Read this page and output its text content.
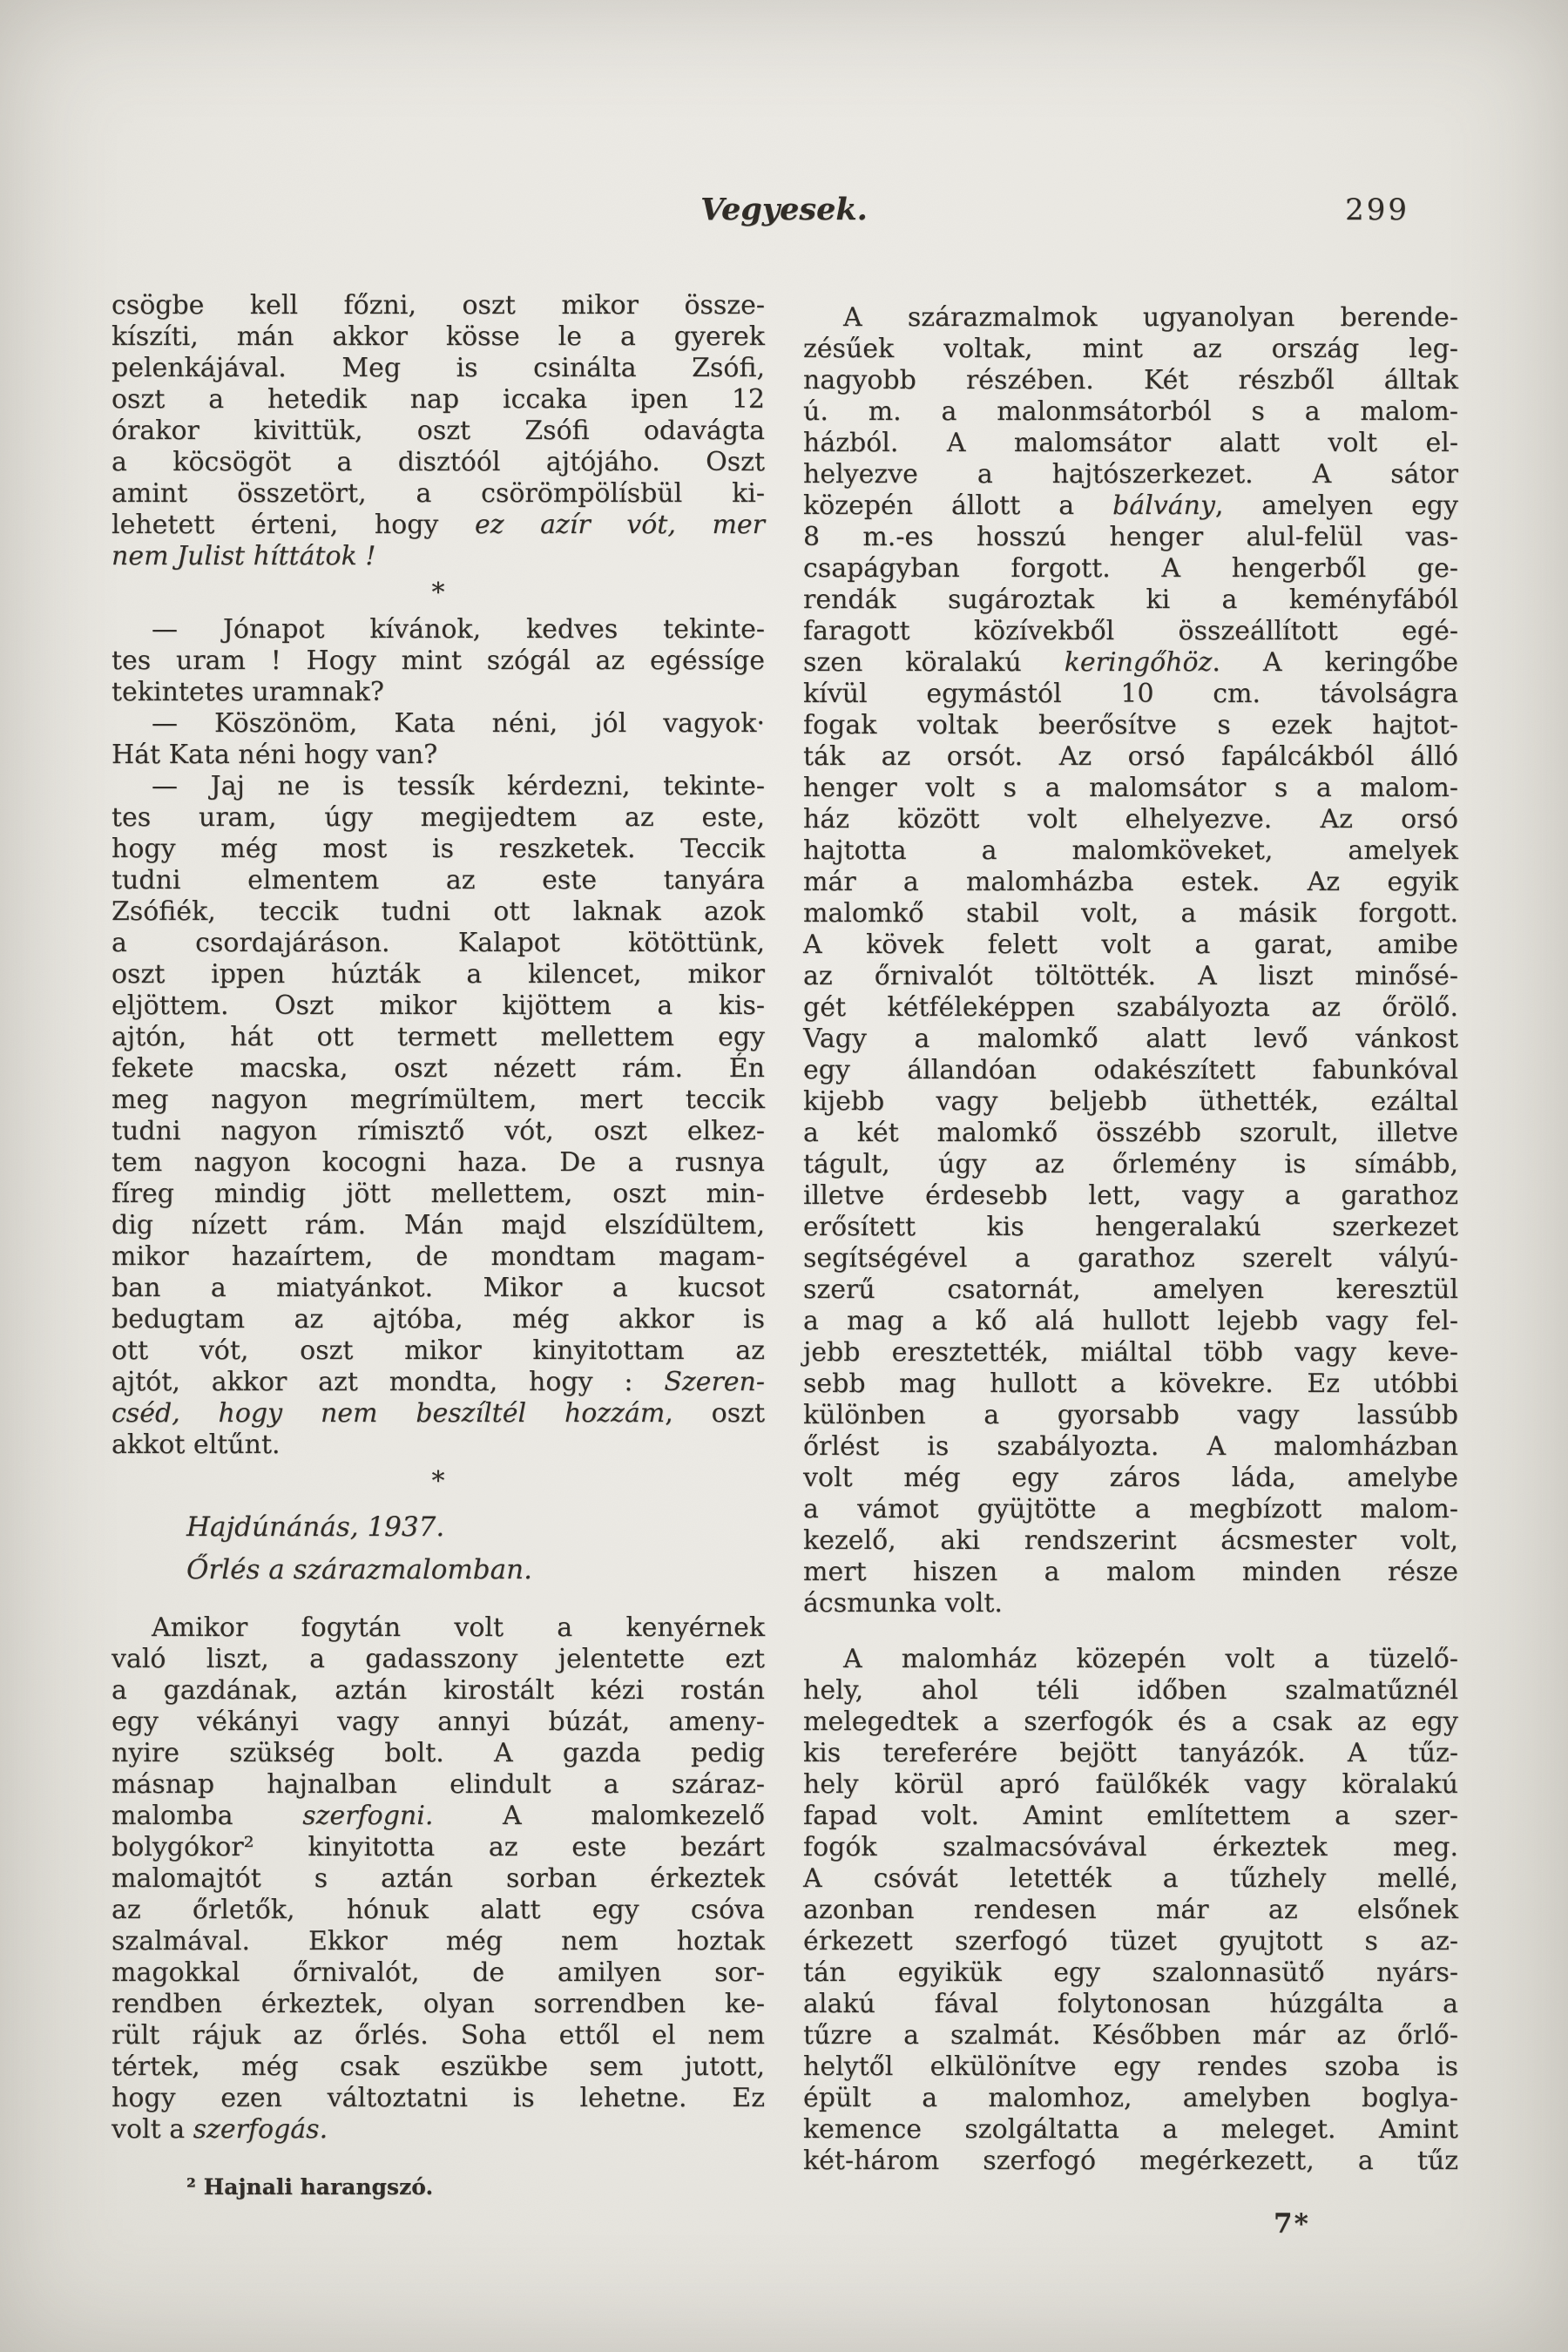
Vegyesek.	299
csögbe kell főzni, oszt mikor össze-
kíszíti, mán akkor kösse le a gyerek
pelenkájával. Meg is csinálta Zsófi,
oszt a hetedik nap iccaka ipen 12
órakor kivittük, oszt Zsófi odavágta
a köcsögöt a disztóól ajtójáho. Oszt
amint összetört, a csörömpölísbül ki-
lehetett érteni, hogy ez azír vót, mer
nem Julist híttátok !
*
— Jónapot kívánok, kedves tekinte-
tes uram ! Hogy mint szógál az egéssíge
tekintetes uramnak?
— Köszönöm, Kata néni, jól vagyok·
Hát Kata néni hogy van?
— Jaj ne is tessík kérdezni, tekinte-
tes uram, úgy megijedtem az este,
hogy még most is reszketek. Teccik
tudni elmentem az este tanyára
Zsófiék, teccik tudni ott laknak azok
a csordajáráson. Kalapot kötöttünk,
oszt ippen húzták a kilencet, mikor
eljöttem. Oszt mikor kijöttem a kis-
ajtón, hát ott termett mellettem egy
fekete macska, oszt nézett rám. Én
meg nagyon megrímültem, mert teccik
tudni nagyon rímisztő vót, oszt elkez-
tem nagyon kocogni haza. De a rusnya
fíreg mindig jött mellettem, oszt min-
dig nízett rám. Mán majd elszídültem,
mikor hazaírtem, de mondtam magam-
ban a miatyánkot. Mikor a kucsot
bedugtam az ajtóba, még akkor is
ott vót, oszt mikor kinyitottam az
ajtót, akkor azt mondta, hogy : Szeren-
cséd, hogy nem beszíltél hozzám, oszt
akkot eltűnt.
*
Hajdúnánás, 1937.
Őrlés a szárazmalomban.
Amikor fogytán volt a kenyérnek
való liszt, a gadasszony jelentette ezt
a gazdának, aztán kirostált kézi rostán
egy vékányi vagy annyi búzát, ameny-
nyire szükség bolt. A gazda pedig
másnap hajnalban elindult a száraz-
malomba szerfogni. A malomkezelő
bolygókor² kinyitotta az este bezárt
malomajtót s aztán sorban érkeztek
az őrletők, hónuk alatt egy csóva
szalmával. Ekkor még nem hoztak
magokkal őrnivalót, de amilyen sor-
rendben érkeztek, olyan sorrendben ke-
rült rájuk az őrlés. Soha ettől el nem
tértek, még csak eszükbe sem jutott,
hogy ezen változtatni is lehetne. Ez
volt a szerfogás.
² Hajnali harangszó.
A szárazmalmok ugyanolyan berende-
zésűek voltak, mint az ország leg-
nagyobb részében. Két részből álltak
ú. m. a malonmsátorból s a malom-
házból. A malomsátor alatt volt el-
helyezve a hajtószerkezet. A sátor
közepén állott a bálvány, amelyen egy
8 m.-es hosszú henger alul-felül vas-
csapágyban forgott. A hengerből ge-
rendák sugároztak ki a keményfából
faragott közívekből összeállított egé-
szen köralakú keringőhöz. A keringőbe
kívül egymástól 10 cm. távolságra
fogak voltak beerősítve s ezek hajtot-
ták az orsót. Az orsó fapálcákból álló
henger volt s a malomsátor s a malom-
ház között volt elhelyezve. Az orsó
hajtotta a malomköveket, amelyek
már a malomházba estek. Az egyik
malomkő stabil volt, a másik forgott.
A kövek felett volt a garat, amibe
az őrnivalót töltötték. A liszt minősé-
gét kétféleképpen szabályozta az őrölő.
Vagy a malomkő alatt levő vánkost
egy állandóan odakészített fabunkóval
kijebb vagy beljebb üthették, ezáltal
a két malomkő összébb szorult, illetve
tágult, úgy az őrlemény is símább,
illetve érdesebb lett, vagy a garathoz
erősített kis hengeralakú szerkezet
segítségével a garathoz szerelt vályú-
szerű csatornát, amelyen keresztül
a mag a kő alá hullott lejebb vagy fel-
jebb eresztették, miáltal több vagy keve-
sebb mag hullott a kövekre. Ez utóbbi
különben a gyorsabb vagy lassúbb
őrlést is szabályozta. A malomházban
volt még egy záros láda, amelybe
a vámot gyüjtötte a megbízott malom-
kezelő, aki rendszerint ácsmester volt,
mert hiszen a malom minden része
ácsmunka volt.
A malomház közepén volt a tüzelő-
hely, ahol téli időben szalmatűznél
melegedtek a szerfogók és a csak az egy
kis tereferére bejött tanyázók. A tűz-
hely körül apró faülőkék vagy köralakú
fapad volt. Amint említettem a szer-
fogók szalmacsóvával érkeztek meg.
A csóvát letették a tűzhely mellé,
azonban rendesen már az elsőnek
érkezett szerfogó tüzet gyujtott s az-
tán egyikük egy szalonnasütő nyárs-
alakú fával folytonosan húzgálta a
tűzre a szalmát. Későbben már az őrlő-
helytől elkülönítve egy rendes szoba is
épült a malomhoz, amelyben boglya-
kemence szolgáltatta a meleget. Amint
két-három szerfogó megérkezett, a tűz
7*
